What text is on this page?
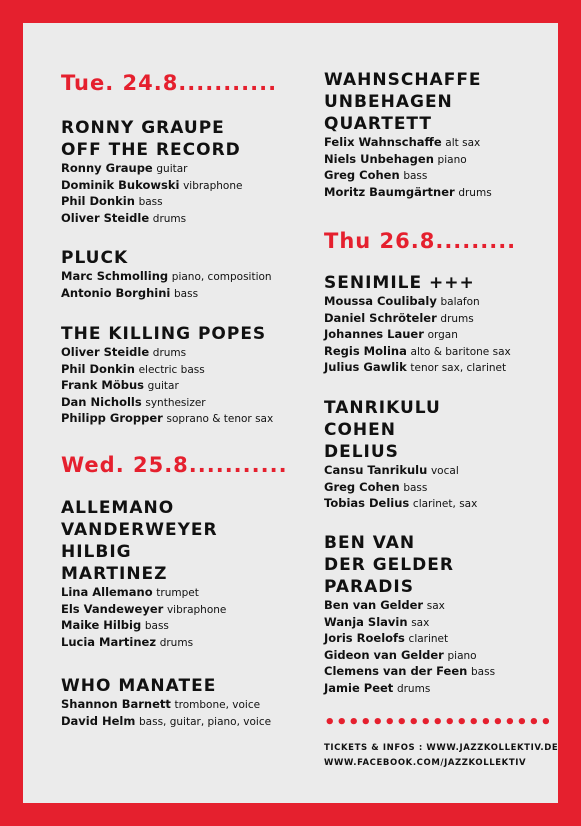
Tue. 24.8...........
RONNY GRAUPE
OFF THE RECORD
Ronny Graupe guitar
Dominik Bukowski vibraphone
Phil Donkin bass
Oliver Steidle drums
PLUCK
Marc Schmolling piano, composition
Antonio Borghini bass
THE KILLING POPES
Oliver Steidle drums
Phil Donkin electric bass
Frank Möbus guitar
Dan Nicholls synthesizer
Philipp Gropper soprano & tenor sax
Wed. 25.8...........
ALLEMANO
VANDERWEYER
HILBIG
MARTINEZ
Lina Allemano trumpet
Els Vandeweyer vibraphone
Maike Hilbig bass
Lucia Martinez drums
WHO MANATEE
Shannon Barnett trombone, voice
David Helm bass, guitar, piano, voice
WAHNSCHAFFE
UNBEHAGEN
QUARTETT
Felix Wahnschaffe alt sax
Niels Unbehagen piano
Greg Cohen bass
Moritz Baumgärtner drums
Thu 26.8.........
SENIMILE +++
Moussa Coulibaly balafon
Daniel Schröteler drums
Johannes Lauer organ
Regis Molina alto & baritone sax
Julius Gawlik tenor sax, clarinet
TANRIKULU
COHEN
DELIUS
Cansu Tanrikulu vocal
Greg Cohen bass
Tobias Delius clarinet, sax
BEN VAN
DER GELDER
PARADIS
Ben van Gelder sax
Wanja Slavin sax
Joris Roelofs clarinet
Gideon van Gelder piano
Clemens van der Feen bass
Jamie Peet drums
•••••••••••••••••••
TICKETS & INFOS : WWW.JAZZKOLLEKTIV.DE
WWW.FACEBOOK.COM/JAZZKOLLEKTIV
